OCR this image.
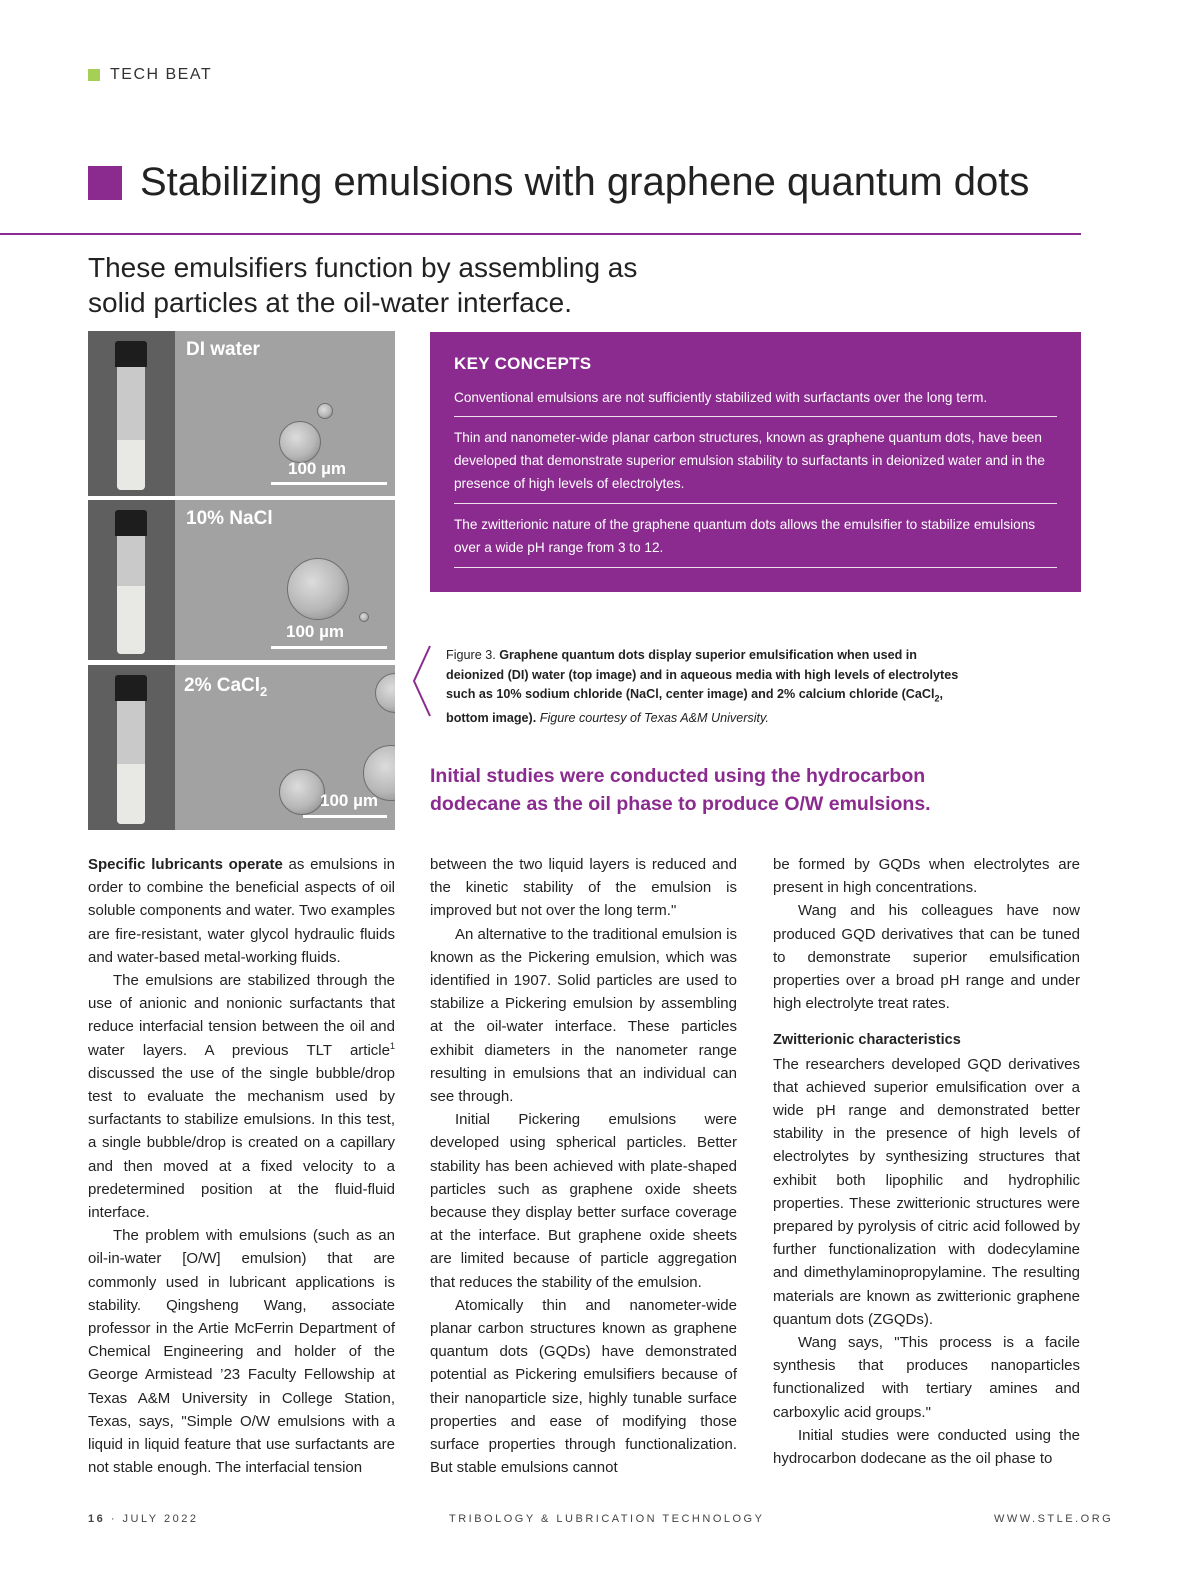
TECH BEAT
Stabilizing emulsions with graphene quantum dots
These emulsifiers function by assembling as
solid particles at the oil-water interface.
DI water
100 µm
10% NaCl
100 µm
2% CaCl$_2$
100 µm
KEY CONCEPTS
Conventional emulsions are not sufficiently stabilized with surfactants over the long term.
Thin and nanometer-wide planar carbon structures, known as graphene quantum dots, have been developed that demonstrate superior emulsion stability to surfactants in deionized water and in the presence of high levels of electrolytes.
The zwitterionic nature of the graphene quantum dots allows the emulsifier to stabilize emulsions over a wide pH range from 3 to 12.
Figure 3. Graphene quantum dots display superior emulsification when used in deionized (DI) water (top image) and in aqueous media with high levels of electrolytes such as 10% sodium chloride (NaCl, center image) and 2% calcium chloride (CaCl$_2$, bottom image). Figure courtesy of Texas A&M University.
Initial studies were conducted using the hydrocarbon
dodecane as the oil phase to produce O/W emulsions.

Specific lubricants operate as emulsions in order to combine the beneficial aspects of oil soluble components and water. Two examples are fire-resistant, water glycol hydraulic fluids and water-based metal-working fluids.

The emulsions are stabilized through the use of anionic and nonionic surfactants that reduce interfacial tension between the oil and water layers. A previous TLT article$^1$ discussed the use of the single bubble/drop test to evaluate the mechanism used by surfactants to stabilize emulsions. In this test, a single bubble/drop is created on a capillary and then moved at a fixed velocity to a predetermined position at the fluid-fluid interface.

The problem with emulsions (such as an oil-in-water [O/W] emulsion) that are commonly used in lubricant applications is stability. Qingsheng Wang, associate professor in the Artie McFerrin Department of Chemical Engineering and holder of the George Armistead ’23 Faculty Fellowship at Texas A&M University in College Station, Texas, says, "Simple O/W emulsions with a liquid in liquid feature that use surfactants are not stable enough. The interfacial tension

between the two liquid layers is reduced and the kinetic stability of the emulsion is improved but not over the long term."

An alternative to the traditional emulsion is known as the Pickering emulsion, which was identified in 1907. Solid particles are used to stabilize a Pickering emulsion by assembling at the oil-water interface. These particles exhibit diameters in the nanometer range resulting in emulsions that an individual can see through.

Initial Pickering emulsions were developed using spherical particles. Better stability has been achieved with plate-shaped particles such as graphene oxide sheets because they display better surface coverage at the interface. But graphene oxide sheets are limited because of particle aggregation that reduces the stability of the emulsion.

Atomically thin and nanometer-wide planar carbon structures known as graphene quantum dots (GQDs) have demonstrated potential as Pickering emulsifiers because of their nanoparticle size, highly tunable surface properties and ease of modifying those surface properties through functionalization. But stable emulsions cannot

be formed by GQDs when electrolytes are present in high concentrations.

Wang and his colleagues have now produced GQD derivatives that can be tuned to demonstrate superior emulsification properties over a broad pH range and under high electrolyte treat rates.

Zwitterionic characteristics

The researchers developed GQD derivatives that achieved superior emulsification over a wide pH range and demonstrated better stability in the presence of high levels of electrolytes by synthesizing structures that exhibit both lipophilic and hydrophilic properties. These zwitterionic structures were prepared by pyrolysis of citric acid followed by further functionalization with dodecylamine and dimethylaminopropylamine. The resulting materials are known as zwitterionic graphene quantum dots (ZGQDs).

Wang says, "This process is a facile synthesis that produces nanoparticles functionalized with tertiary amines and carboxylic acid groups."

Initial studies were conducted using the hydrocarbon dodecane as the oil phase to

16 · JULY 2022	TRIBOLOGY & LUBRICATION TECHNOLOGY	WWW.STLE.ORG
